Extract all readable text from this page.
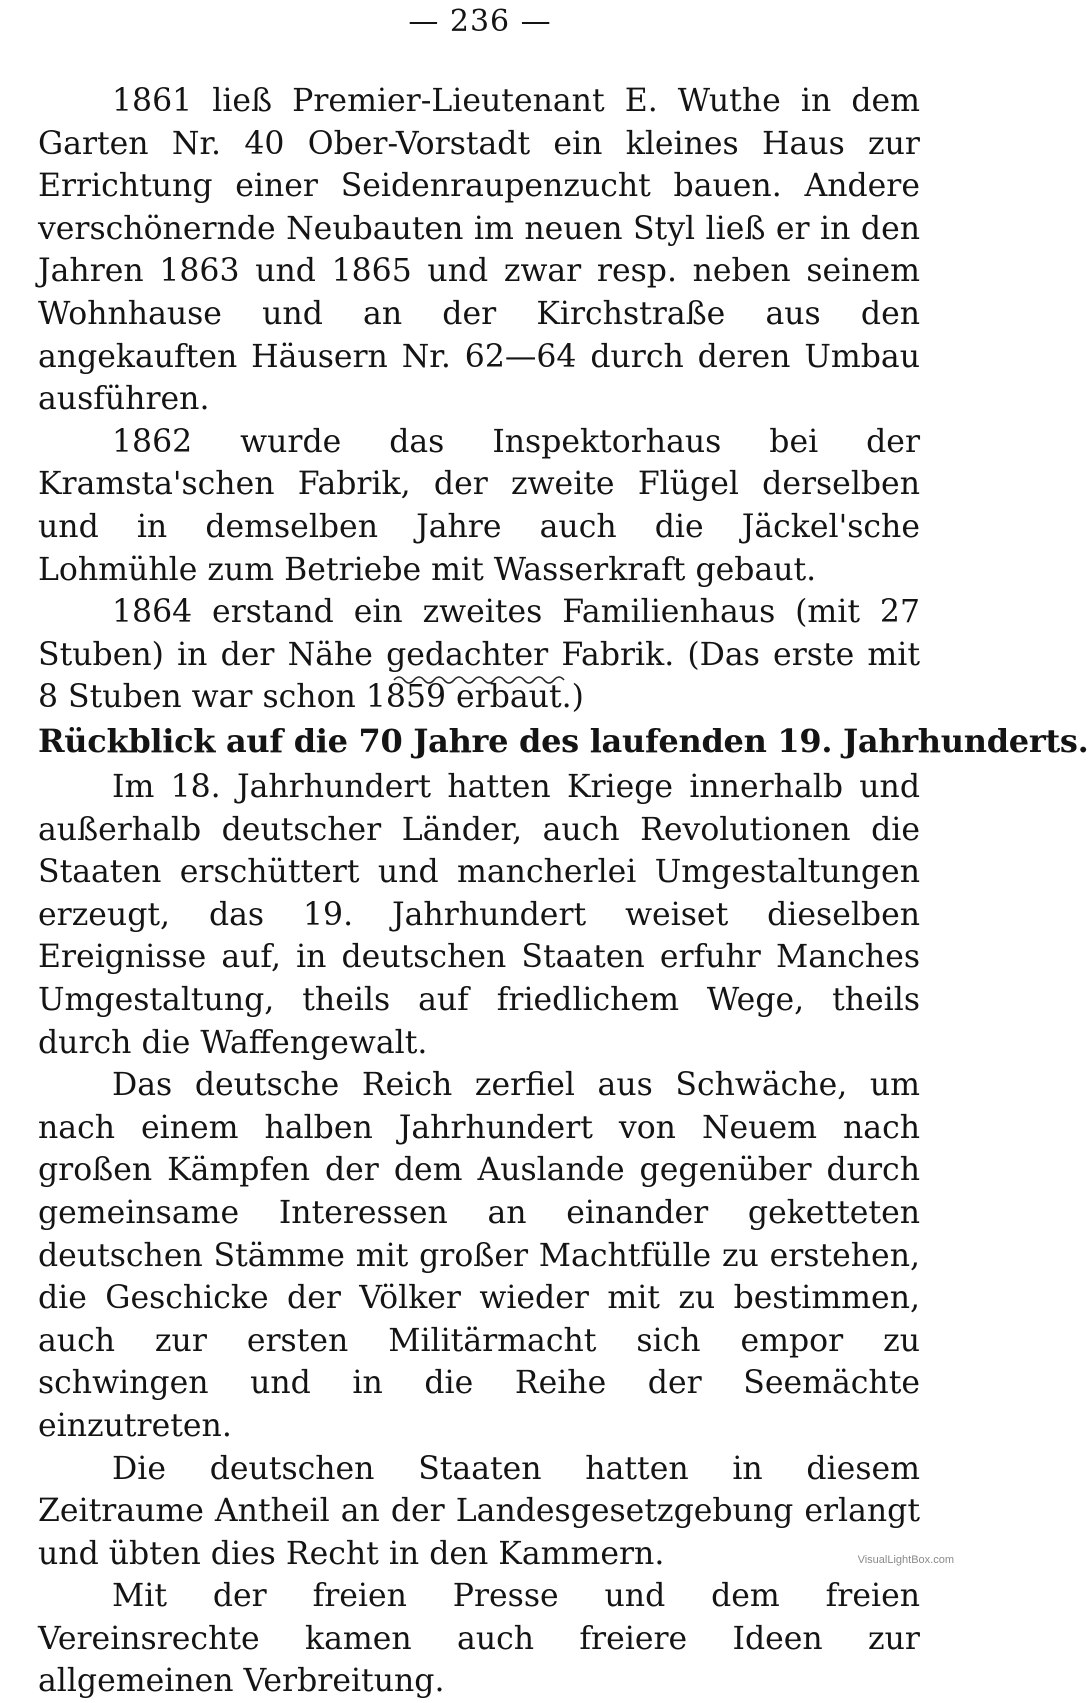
— 236 —

1861 ließ Premier-Lieutenant E. Wuthe in dem Garten Nr. 40 Ober-Vorstadt ein kleines Haus zur Errichtung einer Seidenraupenzucht bauen. Andere verschönernde Neubauten im neuen Styl ließ er in den Jahren 1863 und 1865 und zwar resp. neben seinem Wohnhause und an der Kirchstraße aus den angekauften Häusern Nr. 62—64 durch deren Umbau ausführen.

1862 wurde das Inspektorhaus bei der Kramsta'schen Fabrik, der zweite Flügel derselben und in demselben Jahre auch die Jäckel'sche Lohmühle zum Betriebe mit Wasserkraft gebaut.

1864 erstand ein zweites Familienhaus (mit 27 Stuben) in der Nähe gedachter Fabrik. (Das erste mit 8 Stuben war schon 1859 erbaut.)

Rückblick auf die 70 Jahre des laufenden 19. Jahrhunderts.

Im 18. Jahrhundert hatten Kriege innerhalb und außerhalb deutscher Länder, auch Revolutionen die Staaten erschüttert und mancherlei Umgestaltungen erzeugt, das 19. Jahrhundert weiset dieselben Ereignisse auf, in deutschen Staaten erfuhr Manches Umgestaltung, theils auf friedlichem Wege, theils durch die Waffengewalt.

Das deutsche Reich zerfiel aus Schwäche, um nach einem halben Jahrhundert von Neuem nach großen Kämpfen der dem Auslande gegenüber durch gemeinsame Interessen an einander geketteten deutschen Stämme mit großer Machtfülle zu erstehen, die Geschicke der Völker wieder mit zu bestimmen, auch zur ersten Militärmacht sich empor zu schwingen und in die Reihe der Seemächte einzutreten.

Die deutschen Staaten hatten in diesem Zeitraume Antheil an der Landesgesetzgebung erlangt und übten dies Recht in den Kammern.

Mit der freien Presse und dem freien Vereinsrechte kamen auch freiere Ideen zur allgemeinen Verbreitung.

VisualLightBox.com
